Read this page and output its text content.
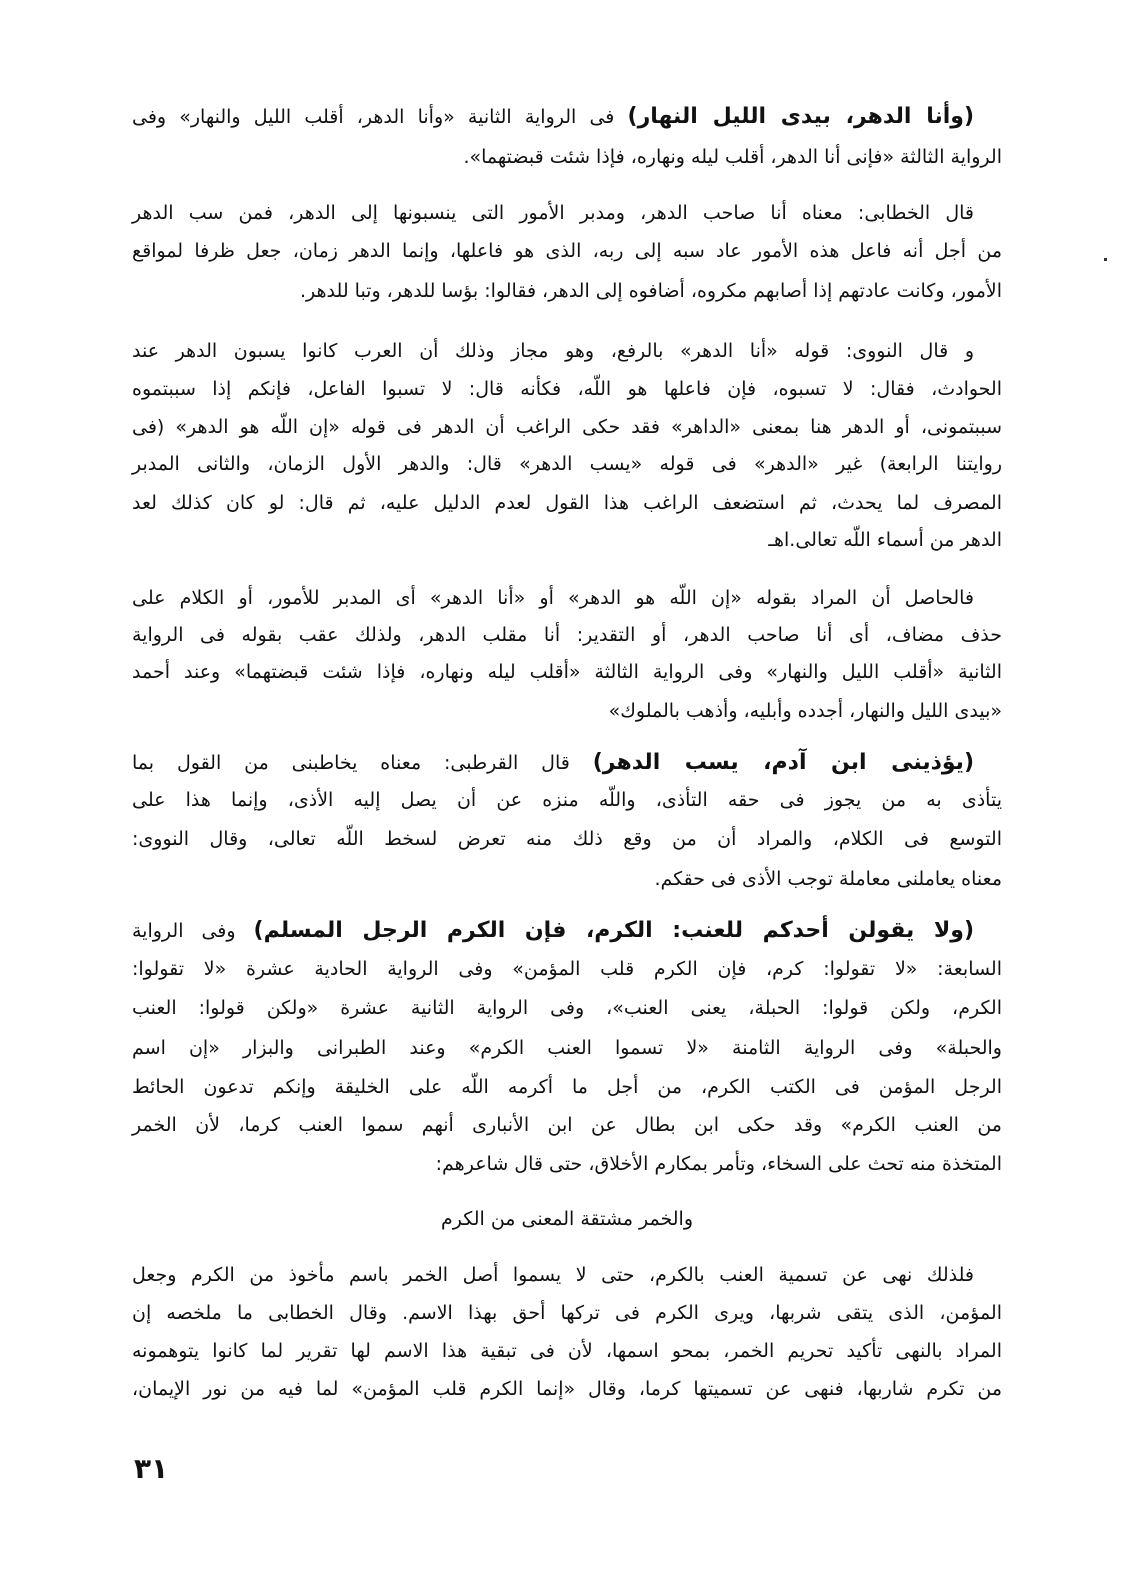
(وأنا الدهر، بيدى الليل النهار) فى الرواية الثانية «وأنا الدهر، أقلب الليل والنهار» وفى
الرواية الثالثة «فإنى أنا الدهر، أقلب ليله ونهاره، فإذا شئت قبضتهما».
قال الخطابى: معناه أنا صاحب الدهر، ومدبر الأمور التى ينسبونها إلى الدهر، فمن سب الدهر
من أجل أنه فاعل هذه الأمور عاد سبه إلى ربه، الذى هو فاعلها، وإنما الدهر زمان، جعل ظرفا لمواقع
الأمور، وكانت عادتهم إذا أصابهم مكروه، أضافوه إلى الدهر، فقالوا: بؤسا للدهر، وتبا للدهر.
و قال النووى: قوله «أنا الدهر» بالرفع، وهو مجاز وذلك أن العرب كانوا يسبون الدهر عند
الحوادث، فقال: لا تسبوه، فإن فاعلها هو اللّه، فكأنه قال: لا تسبوا الفاعل، فإنكم إذا سببتموه
سببتمونى، أو الدهر هنا بمعنى «الداهر» فقد حكى الراغب أن الدهر فى قوله «إن اللّه هو الدهر» (فى
روايتنا الرابعة) غير «الدهر» فى قوله «يسب الدهر» قال: والدهر الأول الزمان، والثانى المدبر
المصرف لما يحدث، ثم استضعف الراغب هذا القول لعدم الدليل عليه، ثم قال: لو كان كذلك لعد
الدهر من أسماء اللّه تعالى.اهـ
فالحاصل أن المراد بقوله «إن اللّه هو الدهر» أو «أنا الدهر» أى المدبر للأمور، أو الكلام على
حذف مضاف، أى أنا صاحب الدهر، أو التقدير: أنا مقلب الدهر، ولذلك عقب بقوله فى الرواية
الثانية «أقلب الليل والنهار» وفى الرواية الثالثة «أقلب ليله ونهاره، فإذا شئت قبضتهما» وعند أحمد
«بيدى الليل والنهار، أجدده وأبليه، وأذهب بالملوك»
(يؤذينى ابن آدم، يسب الدهر) قال القرطبى: معناه يخاطبنى من القول بما
يتأذى به من يجوز فى حقه التأذى، واللّه منزه عن أن يصل إليه الأذى، وإنما هذا على
التوسع فى الكلام، والمراد أن من وقع ذلك منه تعرض لسخط اللّه تعالى، وقال النووى:
معناه يعاملنى معاملة توجب الأذى فى حقكم.
(ولا يقولن أحدكم للعنب: الكرم، فإن الكرم الرجل المسلم) وفى الرواية
السابعة: «لا تقولوا: كرم، فإن الكرم قلب المؤمن» وفى الرواية الحادية عشرة «لا تقولوا:
الكرم، ولكن قولوا: الحبلة، يعنى العنب»، وفى الرواية الثانية عشرة «ولكن قولوا: العنب
والحبلة» وفى الرواية الثامنة «لا تسموا العنب الكرم» وعند الطبرانى والبزار «إن اسم
الرجل المؤمن فى الكتب الكرم، من أجل ما أكرمه اللّه على الخليقة وإنكم تدعون الحائط
من العنب الكرم» وقد حكى ابن بطال عن ابن الأنبارى أنهم سموا العنب كرما، لأن الخمر
المتخذة منه تحث على السخاء، وتأمر بمكارم الأخلاق، حتى قال شاعرهم:
والخمر مشتقة المعنى من الكرم
فلذلك نهى عن تسمية العنب بالكرم، حتى لا يسموا أصل الخمر باسم مأخوذ من الكرم وجعل
المؤمن، الذى يتقى شربها، ويرى الكرم فى تركها أحق بهذا الاسم. وقال الخطابى ما ملخصه إن
المراد بالنهى تأكيد تحريم الخمر، بمحو اسمها، لأن فى تبقية هذا الاسم لها تقرير لما كانوا يتوهمونه
من تكرم شاربها، فنهى عن تسميتها كرما، وقال «إنما الكرم قلب المؤمن» لما فيه من نور الإيمان،
٣١
